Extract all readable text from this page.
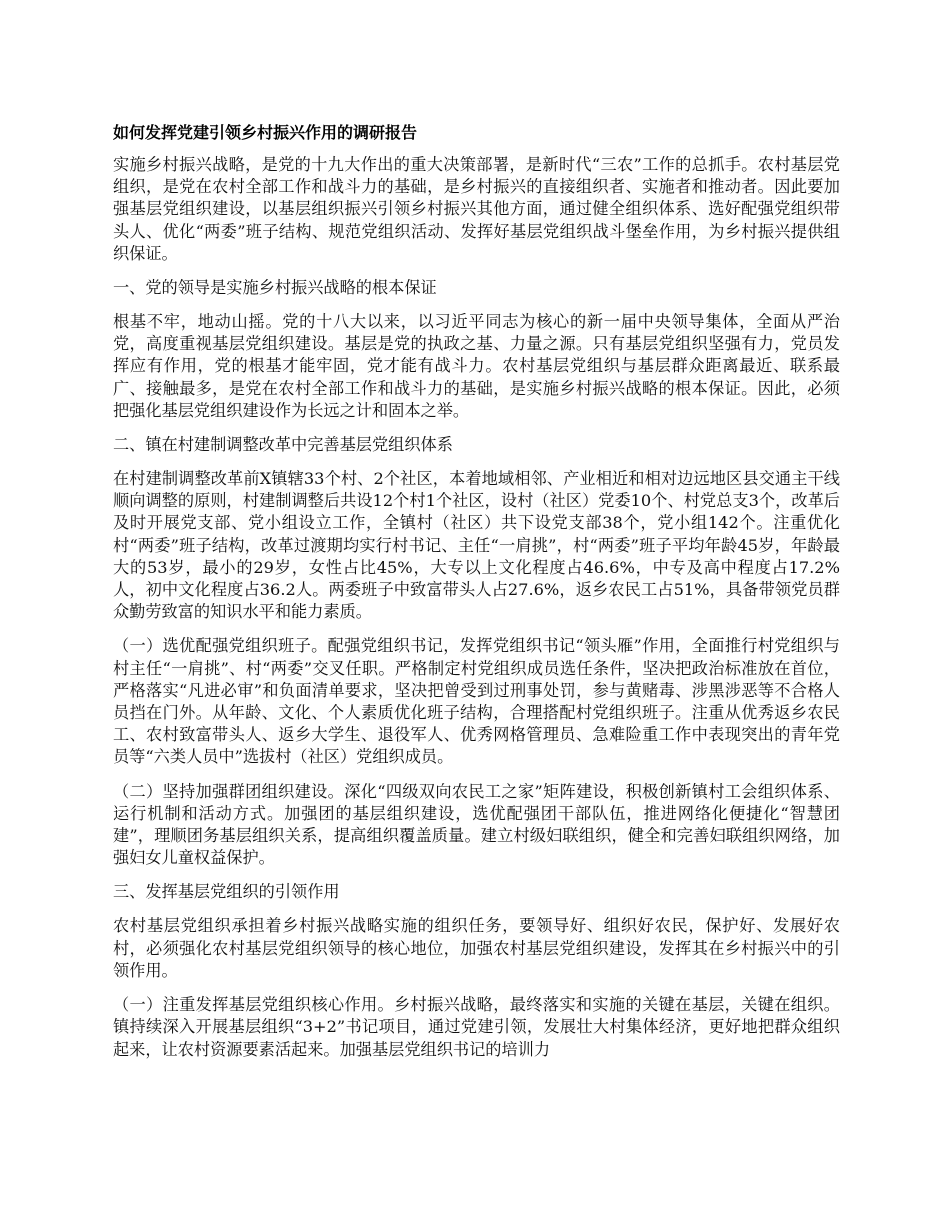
如何发挥党建引领乡村振兴作用的调研报告

实施乡村振兴战略，是党的十九大作出的重大决策部署，是新时代“三农”工作的总抓手。农村基层党组织，是党在农村全部工作和战斗力的基础，是乡村振兴的直接组织者、实施者和推动者。因此要加强基层党组织建设，以基层组织振兴引领乡村振兴其他方面，通过健全组织体系、选好配强党组织带头人、优化“两委”班子结构、规范党组织活动、发挥好基层党组织战斗堡垒作用，为乡村振兴提供组织保证。

一、党的领导是实施乡村振兴战略的根本保证

根基不牢，地动山摇。党的十八大以来，以习近平同志为核心的新一届中央领导集体，全面从严治党，高度重视基层党组织建设。基层是党的执政之基、力量之源。只有基层党组织坚强有力，党员发挥应有作用，党的根基才能牢固，党才能有战斗力。农村基层党组织与基层群众距离最近、联系最广、接触最多，是党在农村全部工作和战斗力的基础，是实施乡村振兴战略的根本保证。因此，必须把强化基层党组织建设作为长远之计和固本之举。

二、镇在村建制调整改革中完善基层党组织体系

在村建制调整改革前X镇辖33个村、2个社区，本着地域相邻、产业相近和相对边远地区县交通主干线顺向调整的原则，村建制调整后共设12个村1个社区，设村（社区）党委10个、村党总支3个，改革后及时开展党支部、党小组设立工作，全镇村（社区）共下设党支部38个，党小组142个。注重优化村“两委”班子结构，改革过渡期均实行村书记、主任“一肩挑”，村“两委”班子平均年龄45岁，年龄最大的53岁，最小的29岁，女性占比45%，大专以上文化程度占46.6%，中专及高中程度占17.2%人，初中文化程度占36.2人。两委班子中致富带头人占27.6%，返乡农民工占51%，具备带领党员群众勤劳致富的知识水平和能力素质。

（一）选优配强党组织班子。配强党组织书记，发挥党组织书记“领头雁”作用，全面推行村党组织与村主任“一肩挑”、村“两委”交叉任职。严格制定村党组织成员选任条件，坚决把政治标准放在首位，严格落实“凡进必审”和负面清单要求，坚决把曾受到过刑事处罚，参与黄赌毒、涉黑涉恶等不合格人员挡在门外。从年龄、文化、个人素质优化班子结构，合理搭配村党组织班子。注重从优秀返乡农民工、农村致富带头人、返乡大学生、退役军人、优秀网格管理员、急难险重工作中表现突出的青年党员等“六类人员中”选拔村（社区）党组织成员。

（二）坚持加强群团组织建设。深化“四级双向农民工之家”矩阵建设，积极创新镇村工会组织体系、运行机制和活动方式。加强团的基层组织建设，选优配强团干部队伍，推进网络化便捷化“智慧团建”，理顺团务基层组织关系，提高组织覆盖质量。建立村级妇联组织，健全和完善妇联组织网络，加强妇女儿童权益保护。

三、发挥基层党组织的引领作用

农村基层党组织承担着乡村振兴战略实施的组织任务，要领导好、组织好农民，保护好、发展好农村，必须强化农村基层党组织领导的核心地位，加强农村基层党组织建设，发挥其在乡村振兴中的引领作用。

（一）注重发挥基层党组织核心作用。乡村振兴战略，最终落实和实施的关键在基层，关键在组织。镇持续深入开展基层组织“3+2”书记项目，通过党建引领，发展壮大村集体经济，更好地把群众组织起来，让农村资源要素活起来。加强基层党组织书记的培训力
